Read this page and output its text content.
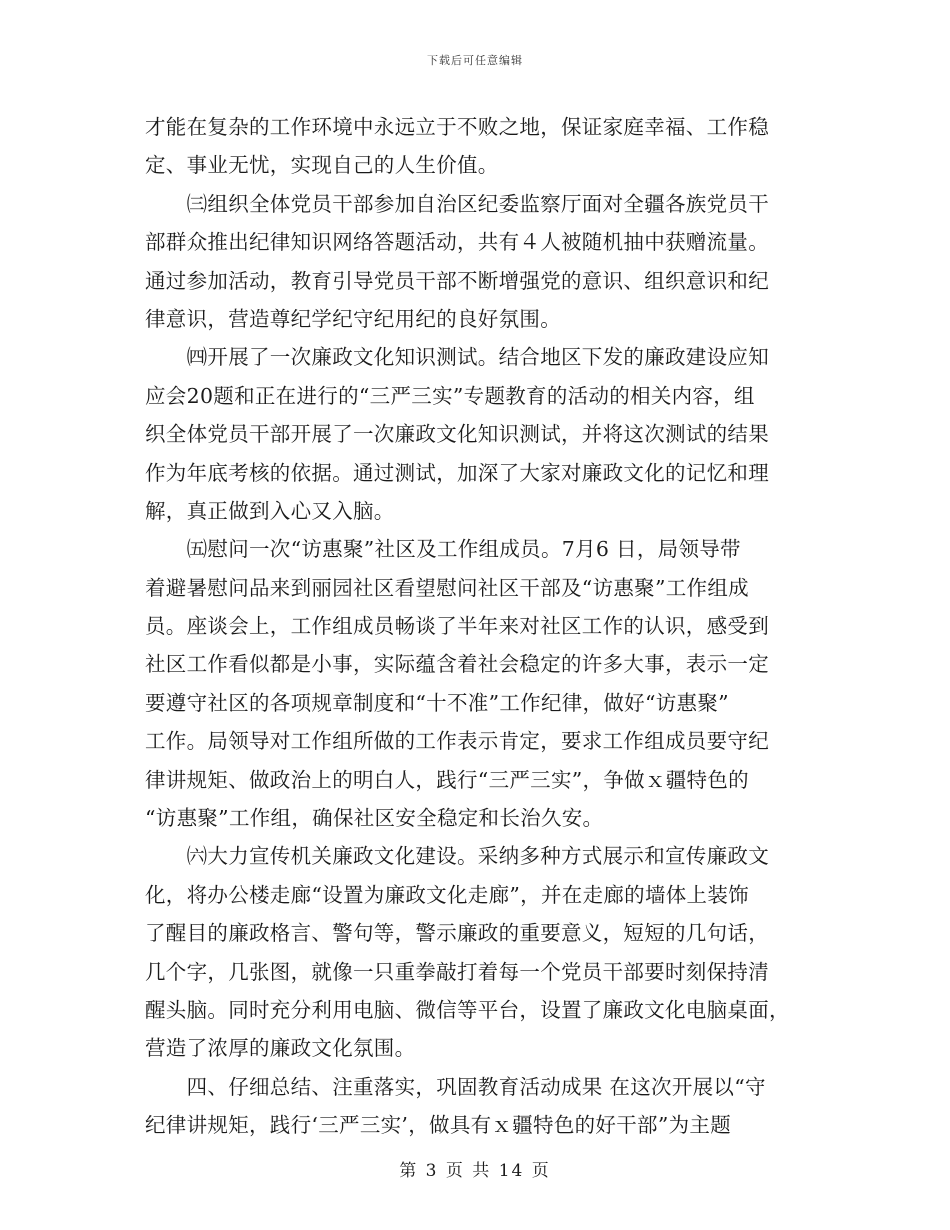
下载后可任意编辑
才能在复杂的工作环境中永远立于不败之地，保证家庭幸福、工作稳
定、事业无忧，实现自己的人生价值。
　　㈢组织全体党员干部参加自治区纪委监察厅面对全疆各族党员干
部群众推出纪律知识网络答题活动，共有４人被随机抽中获赠流量。
通过参加活动，教育引导党员干部不断增强党的意识、组织意识和纪
律意识，营造尊纪学纪守纪用纪的良好氛围。
　　㈣开展了一次廉政文化知识测试。结合地区下发的廉政建设应知
应会20题和正在进行的“三严三实”专题教育的活动的相关内容，组
织全体党员干部开展了一次廉政文化知识测试，并将这次测试的结果
作为年底考核的依据。通过测试，加深了大家对廉政文化的记忆和理
解，真正做到入心又入脑。
　　㈤慰问一次“访惠聚”社区及工作组成员。7月6 日，局领导带
着避暑慰问品来到丽园社区看望慰问社区干部及“访惠聚”工作组成
员。座谈会上，工作组成员畅谈了半年来对社区工作的认识，感受到
社区工作看似都是小事，实际蕴含着社会稳定的许多大事，表示一定
要遵守社区的各项规章制度和“十不准”工作纪律，做好“访惠聚”
工作。局领导对工作组所做的工作表示肯定，要求工作组成员要守纪
律讲规矩、做政治上的明白人，践行“三严三实”，争做ｘ疆特色的
“访惠聚”工作组，确保社区安全稳定和长治久安。
　　㈥大力宣传机关廉政文化建设。采纳多种方式展示和宣传廉政文
化，将办公楼走廊“设置为廉政文化走廊”，并在走廊的墙体上装饰
了醒目的廉政格言、警句等，警示廉政的重要意义，短短的几句话，
几个字，几张图，就像一只重拳敲打着每一个党员干部要时刻保持清
醒头脑。同时充分利用电脑、微信等平台，设置了廉政文化电脑桌面，
营造了浓厚的廉政文化氛围。
　　四、仔细总结、注重落实，巩固教育活动成果 在这次开展以“守
纪律讲规矩，践行‘三严三实’，做具有ｘ疆特色的好干部”为主题
第 3 页 共 14 页
